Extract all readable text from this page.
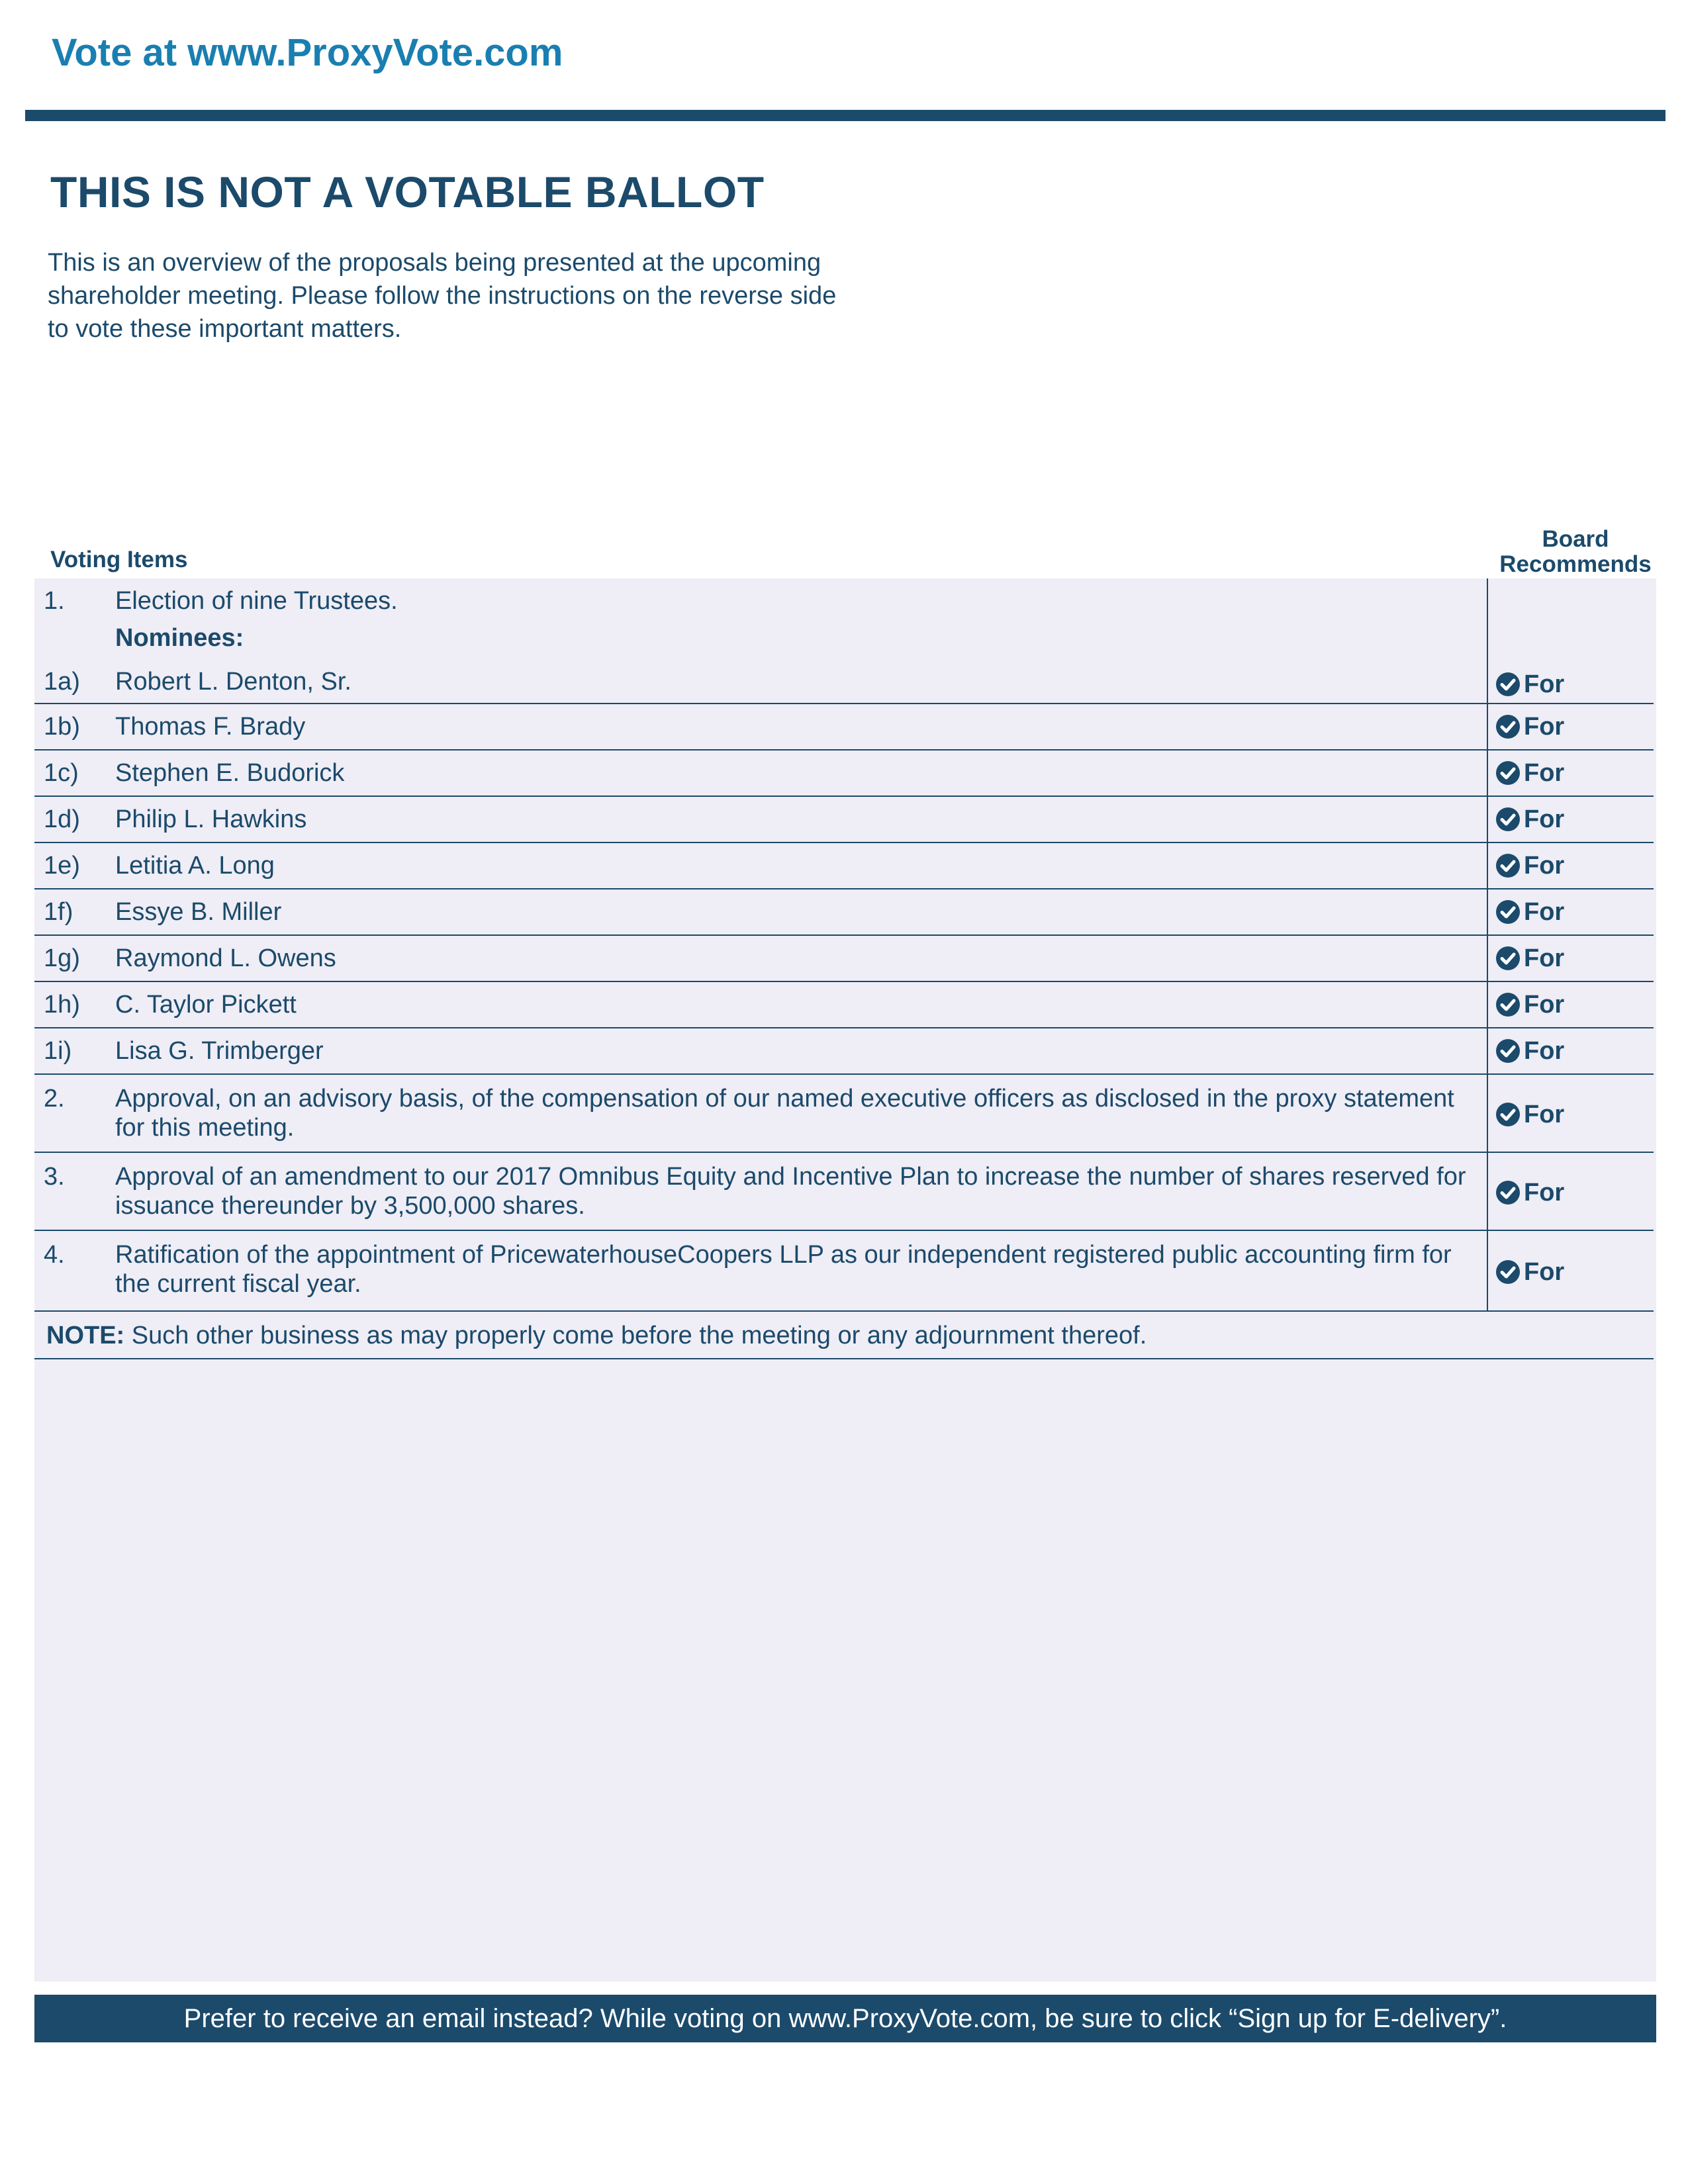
Vote at www.ProxyVote.com
THIS IS NOT A VOTABLE BALLOT
This is an overview of the proposals being presented at the upcoming shareholder meeting. Please follow the instructions on the reverse side to vote these important matters.
Voting Items
Board Recommends
1. Election of nine Trustees.
Nominees:
1a) Robert L. Denton, Sr.	For
1b) Thomas F. Brady	For
1c) Stephen E. Budorick	For
1d) Philip L. Hawkins	For
1e) Letitia A. Long	For
1f) Essye B. Miller	For
1g) Raymond L. Owens	For
1h) C. Taylor Pickett	For
1i) Lisa G. Trimberger	For
2. Approval, on an advisory basis, of the compensation of our named executive officers as disclosed in the proxy statement for this meeting.	For
3. Approval of an amendment to our 2017 Omnibus Equity and Incentive Plan to increase the number of shares reserved for issuance thereunder by 3,500,000 shares.	For
4. Ratification of the appointment of PricewaterhouseCoopers LLP as our independent registered public accounting firm for the current fiscal year.	For
NOTE: Such other business as may properly come before the meeting or any adjournment thereof.
Prefer to receive an email instead? While voting on www.ProxyVote.com, be sure to click “Sign up for E-delivery”.
